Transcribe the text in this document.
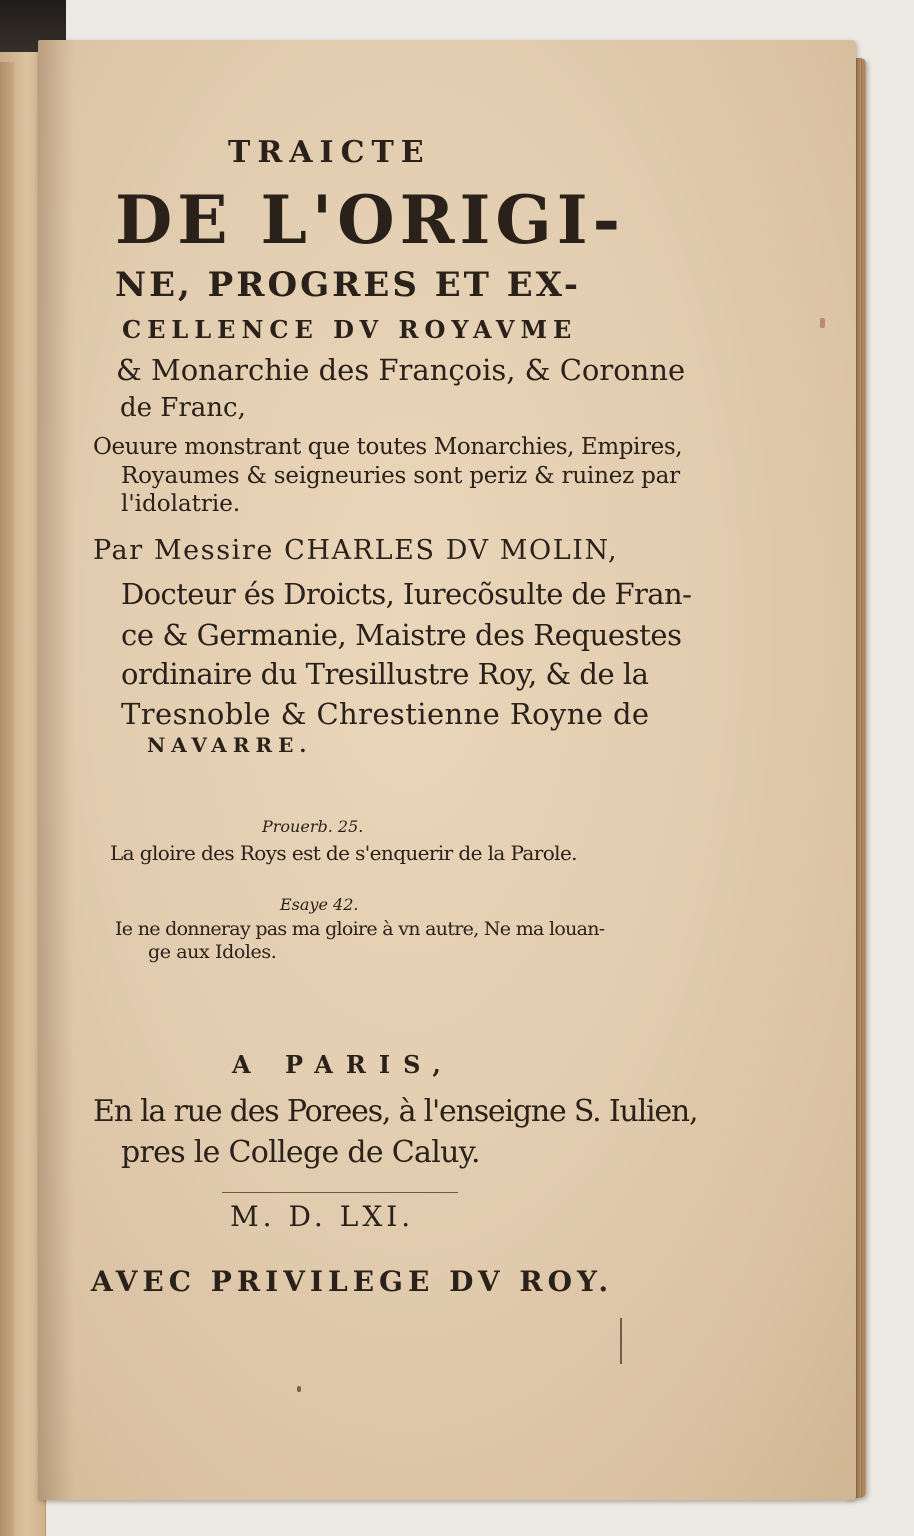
TRAICTE
DE L'ORIGI-
NE, PROGRES ET EX-
CELLENCE DV ROYAVME
& Monarchie des François, & Coronne
de Franc,
Oeuure monstrant que toutes Monarchies, Empires,
Royaumes & seigneuries sont periz & ruinez par
l'idolatrie.
Par Messire CHARLES DV MOLIN,
Docteur és Droicts, Iurecõsulte de Fran-
ce & Germanie, Maistre des Requestes
ordinaire du Tresillustre Roy, & de la
Tresnoble & Chrestienne Royne de
NAVARRE.
Prouerb. 25.
La gloire des Roys est de s'enquerir de la Parole.
Esaye 42.
Ie ne donneray pas ma gloire à vn autre, Ne ma louan-
ge aux Idoles.
A PARIS,
En la rue des Porees, à l'enseigne S. Iulien,
pres le College de Caluy.
M. D. LXI.
AVEC PRIVILEGE DV ROY.
